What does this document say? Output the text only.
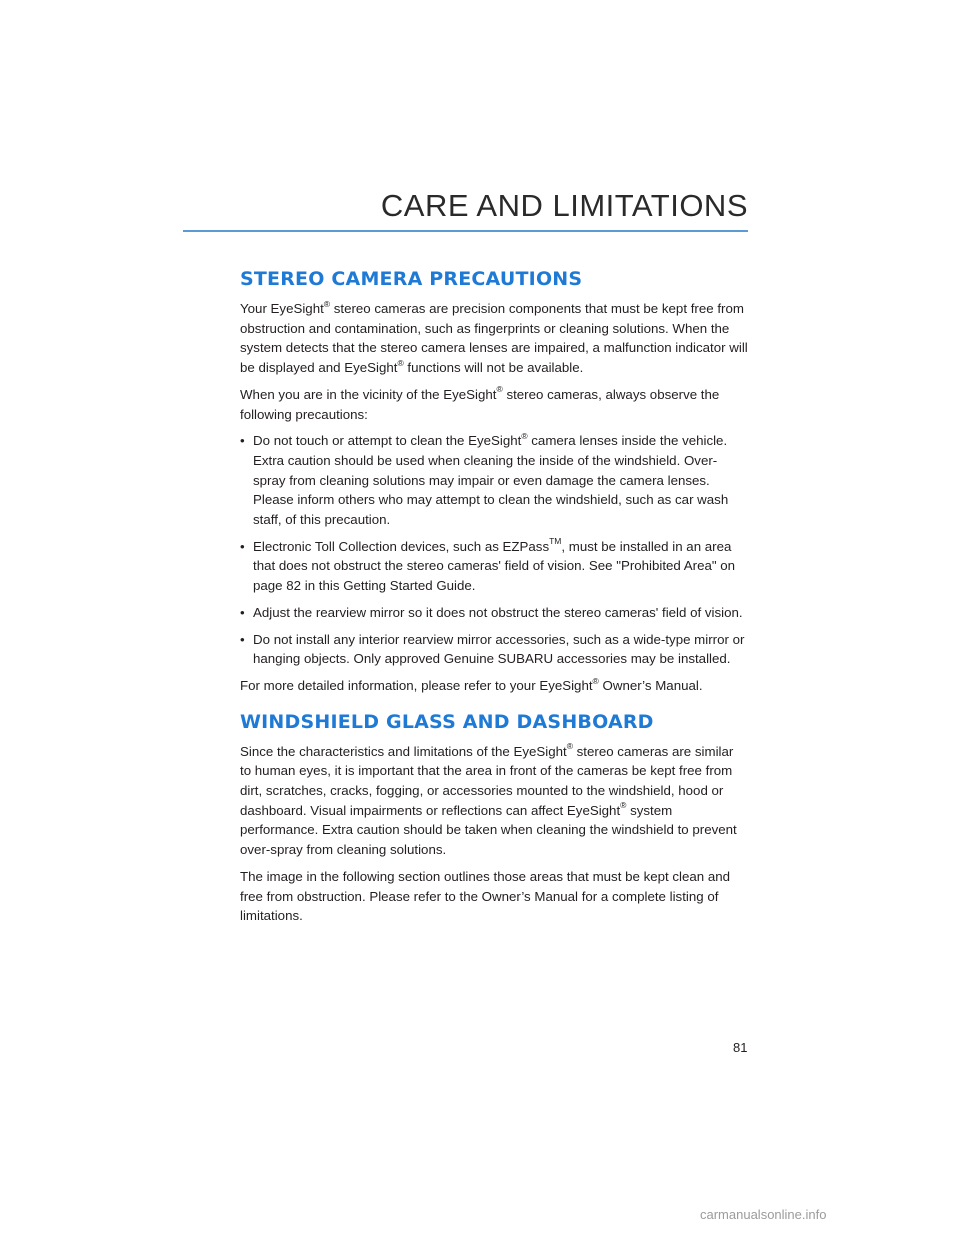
CARE AND LIMITATIONS
STEREO CAMERA PRECAUTIONS

Your EyeSight® stereo cameras are precision components that must be kept free from obstruction and contamination, such as fingerprints or cleaning solutions. When the system detects that the stereo camera lenses are impaired, a malfunction indicator will be displayed and EyeSight® functions will not be available.

When you are in the vicinity of the EyeSight® stereo cameras, always observe the following precautions:

• Do not touch or attempt to clean the EyeSight® camera lenses inside the vehicle. Extra caution should be used when cleaning the inside of the windshield. Over-spray from cleaning solutions may impair or even damage the camera lenses. Please inform others who may attempt to clean the windshield, such as car wash staff, of this precaution.
• Electronic Toll Collection devices, such as EZPass™, must be installed in an area that does not obstruct the stereo cameras' field of vision. See "Prohibited Area" on page 82 in this Getting Started Guide.
• Adjust the rearview mirror so it does not obstruct the stereo cameras' field of vision.
• Do not install any interior rearview mirror accessories, such as a wide-type mirror or hanging objects. Only approved Genuine SUBARU accessories may be installed.

For more detailed information, please refer to your EyeSight® Owner’s Manual.

WINDSHIELD GLASS AND DASHBOARD

Since the characteristics and limitations of the EyeSight® stereo cameras are similar to human eyes, it is important that the area in front of the cameras be kept free from dirt, scratches, cracks, fogging, or accessories mounted to the windshield, hood or dashboard. Visual impairments or reflections can affect EyeSight® system performance. Extra caution should be taken when cleaning the windshield to prevent over-spray from cleaning solutions.

The image in the following section outlines those areas that must be kept clean and free from obstruction. Please refer to the Owner’s Manual for a complete listing of limitations.

81
carmanualsonline.info
